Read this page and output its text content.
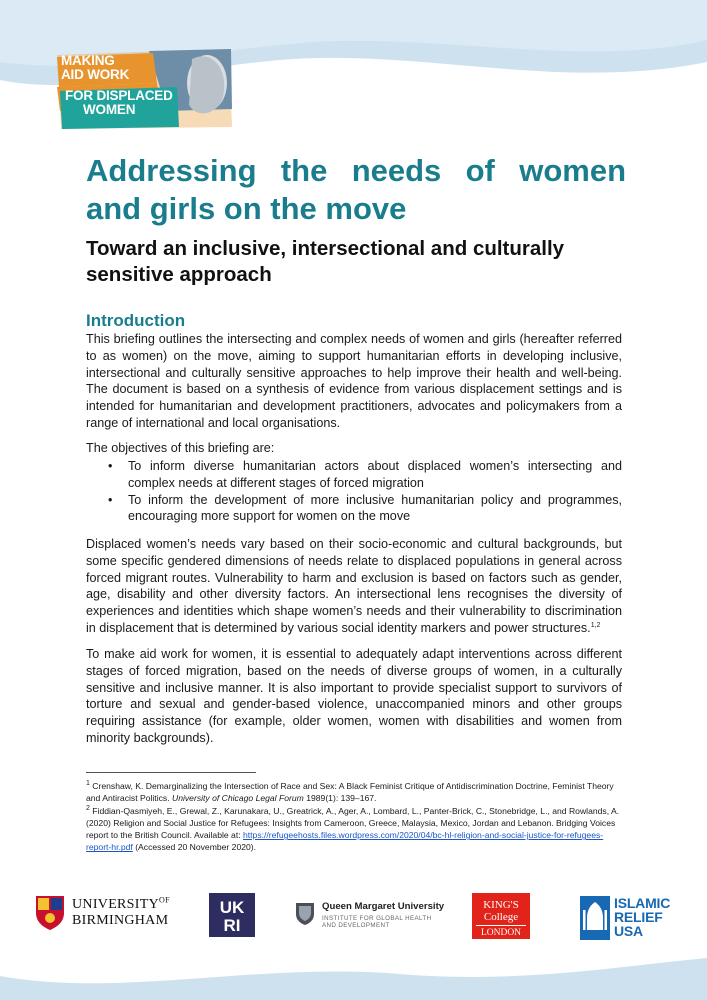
MAKING
AID WORK
FOR DISPLACED
WOMEN
Addressing the needs of women and girls on the move
Toward an inclusive, intersectional and culturally sensitive approach
Introduction

This briefing outlines the intersecting and complex needs of women and girls (hereafter referred to as women) on the move, aiming to support humanitarian efforts in developing inclusive, intersectional and culturally sensitive approaches to help improve their health and well-being. The document is based on a synthesis of evidence from various displacement settings and is intended for humanitarian and development practitioners, advocates and policymakers from a range of international and local organisations.

The objectives of this briefing are:

• To inform diverse humanitarian actors about displaced women’s intersecting and complex needs at different stages of forced migration
• To inform the development of more inclusive humanitarian policy and programmes, encouraging more support for women on the move

Displaced women’s needs vary based on their socio-economic and cultural backgrounds, but some specific gendered dimensions of needs relate to displaced populations in general across forced migrant routes. Vulnerability to harm and exclusion is based on factors such as gender, age, disability and other diversity factors. An intersectional lens recognises the diversity of experiences and identities which shape women’s needs and their vulnerability to discrimination in displacement that is determined by various social identity markers and power structures.$^{1,2}$

To make aid work for women, it is essential to adequately adapt interventions across different stages of forced migration, based on the needs of diverse groups of women, in a culturally sensitive and inclusive manner. It is also important to provide specialist support to survivors of torture and sexual and gender-based violence, unaccompanied minors and other groups requiring assistance (for example, older women, women with disabilities and women from minority backgrounds).

$^1$ Crenshaw, K. Demarginalizing the Intersection of Race and Sex: A Black Feminist Critique of Antidiscrimination Doctrine, Feminist Theory and Antiracist Politics. University of Chicago Legal Forum 1989(1): 139–167.

$^2$ Fiddian-Qasmiyeh, E., Grewal, Z., Karunakara, U., Greatrick, A., Ager, A., Lombard, L., Panter-Brick, C., Stonebridge, L., and Rowlands, A. (2020) Religion and Social Justice for Refugees: Insights from Cameroon, Greece, Malaysia, Mexico, Jordan and Lebanon. Bridging Voices report to the British Council. Available at: https://refugeehosts.files.wordpress.com/2020/04/bc-hl-religion-and-social-justice-for-refugees-report-hr.pdf (Accessed 20 November 2020).

$UNIVERSITY^{OF}$
BIRMINGHAM
UK
RI
Queen Margaret University
INSTITUTE FOR GLOBAL HEALTH
AND DEVELOPMENT
KING'S College
LONDON
ISLAMIC
RELIEF
USA
